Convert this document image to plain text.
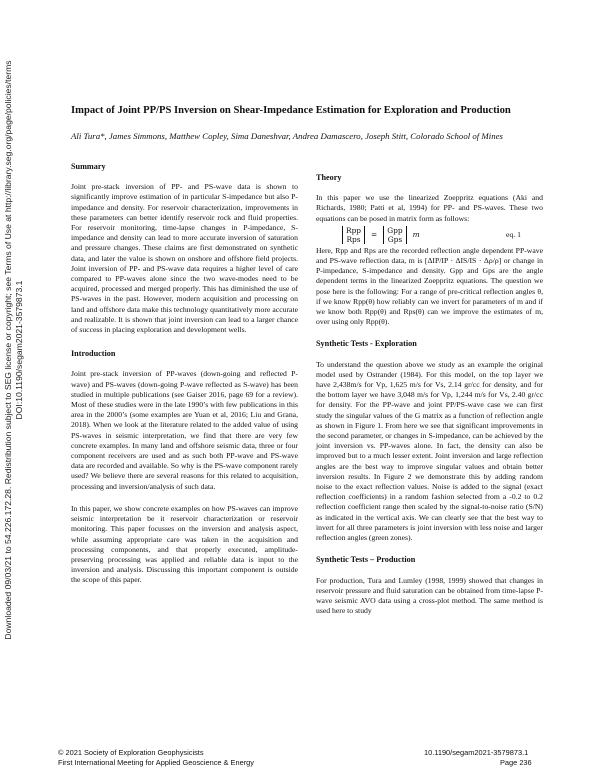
Downloaded 09/03/21 to 54.226.172.28. Redistribution subject to SEG license or copyright; see Terms of Use at http://library.seg.org/page/policies/terms DOI:10.1190/segam2021-3579873.1
Impact of Joint PP/PS Inversion on Shear-Impedance Estimation for Exploration and Production
Ali Tura*, James Simmons, Matthew Copley, Sima Daneshvar, Andrea Damascero, Joseph Stitt, Colorado School of Mines
Summary

Joint pre-stack inversion of PP- and PS-wave data is shown to significantly improve estimation of in particular S-impedance but also P-impedance and density. For reservoir characterization, improvements in these parameters can better identify reservoir rock and fluid properties. For reservoir monitoring, time-lapse changes in P-impedance, S-impedance and density can lead to more accurate inversion of saturation and pressure changes. These claims are first demonstrated on synthetic data, and later the value is shown on onshore and offshore field projects. Joint inversion of PP- and PS-wave data requires a higher level of care compared to PP-waves alone since the two wave-modes need to be acquired, processed and merged properly. This has diminished the use of PS-waves in the past. However, modern acquisition and processing on land and offshore data make this technology quantitatively more accurate and realizable. It is shown that joint inversion can lead to a larger chance of success in placing exploration and development wells.

Introduction

Joint pre-stack inversion of PP-waves (down-going and reflected P-wave) and PS-waves (down-going P-wave reflected as S-wave) has been studied in multiple publications (see Gaiser 2016, page 69 for a review). Most of these studies were in the late 1990’s with few publications in this area in the 2000’s (some examples are Yuan et al, 2016; Liu and Grana, 2018). When we look at the literature related to the added value of using PS-waves in seismic interpretation, we find that there are very few concrete examples. In many land and offshore seismic data, three or four component receivers are used and as such both PP-wave and PS-wave data are recorded and available. So why is the PS-wave component rarely used? We believe there are several reasons for this related to acquisition, processing and inversion/analysis of such data.

In this paper, we show concrete examples on how PS-waves can improve seismic interpretation be it reservoir characterization or reservoir monitoring. This paper focusses on the inversion and analysis aspect, while assuming appropriate care was taken in the acquisition and processing components, and that properly executed, amplitude-preserving processing was applied and reliable data is input to the inversion and analysis. Discussing this important component is outside the scope of this paper.

Theory

In this paper we use the linearized Zoeppritz equations (Aki and Richards, 1980; Patti et al, 1994) for PP- and PS-waves. These two equations can be posed in matrix form as follows:

Rpp
Rps
= Gpp
Gps
m	eq. 1

Here, Rpp and Rps are the recorded reflection angle dependent PP-wave and PS-wave reflection data, m is [ΔIP/IP · ΔIS/IS · Δρ/ρ] or change in P-impedance, S-impedance and density. Gpp and Gps are the angle dependent terms in the linearized Zoeppritz equations. The question we pose here is the following: For a range of pre-critical reflection angles θ, if we know Rpp(θ) how reliably can we invert for parameters of m and if we know both Rpp(θ) and Rps(θ) can we improve the estimates of m, over using only Rpp(θ).

Synthetic Tests - Exploration

To understand the question above we study as an example the original model used by Ostrander (1984). For this model, on the top layer we have 2,438m/s for Vp, 1,625 m/s for Vs, 2.14 gr/cc for density, and for the bottom layer we have 3,048 m/s for Vp, 1,244 m/s for Vs, 2.40 gr/cc for density. For the PP-wave and joint PP/PS-wave case we can first study the singular values of the G matrix as a function of reflection angle as shown in Figure 1. From here we see that significant improvements in the second parameter, or changes in S-impedance, can be achieved by the joint inversion vs. PP-waves alone. In fact, the density can also be improved but to a much lesser extent. Joint inversion and large reflection angles are the best way to improve singular values and obtain better inversion results. In Figure 2 we demonstrate this by adding random noise to the exact reflection values. Noise is added to the signal (exact reflection coefficients) in a random fashion selected from a -0.2 to 0.2 reflection coefficient range then scaled by the signal-to-noise ratio (S/N) as indicated in the vertical axis. We can clearly see that the best way to invert for all three parameters is joint inversion with less noise and larger reflection angles (green zones).

Synthetic Tests – Production

For production, Tura and Lumley (1998, 1999) showed that changes in reservoir pressure and fluid saturation can be obtained from time-lapse P-wave seismic AVO data using a cross-plot method. The same method is used here to study

© 2021 Society of Exploration Geophysicists
First International Meeting for Applied Geoscience & Energy
10.1190/segam2021-3579873.1
Page 236
